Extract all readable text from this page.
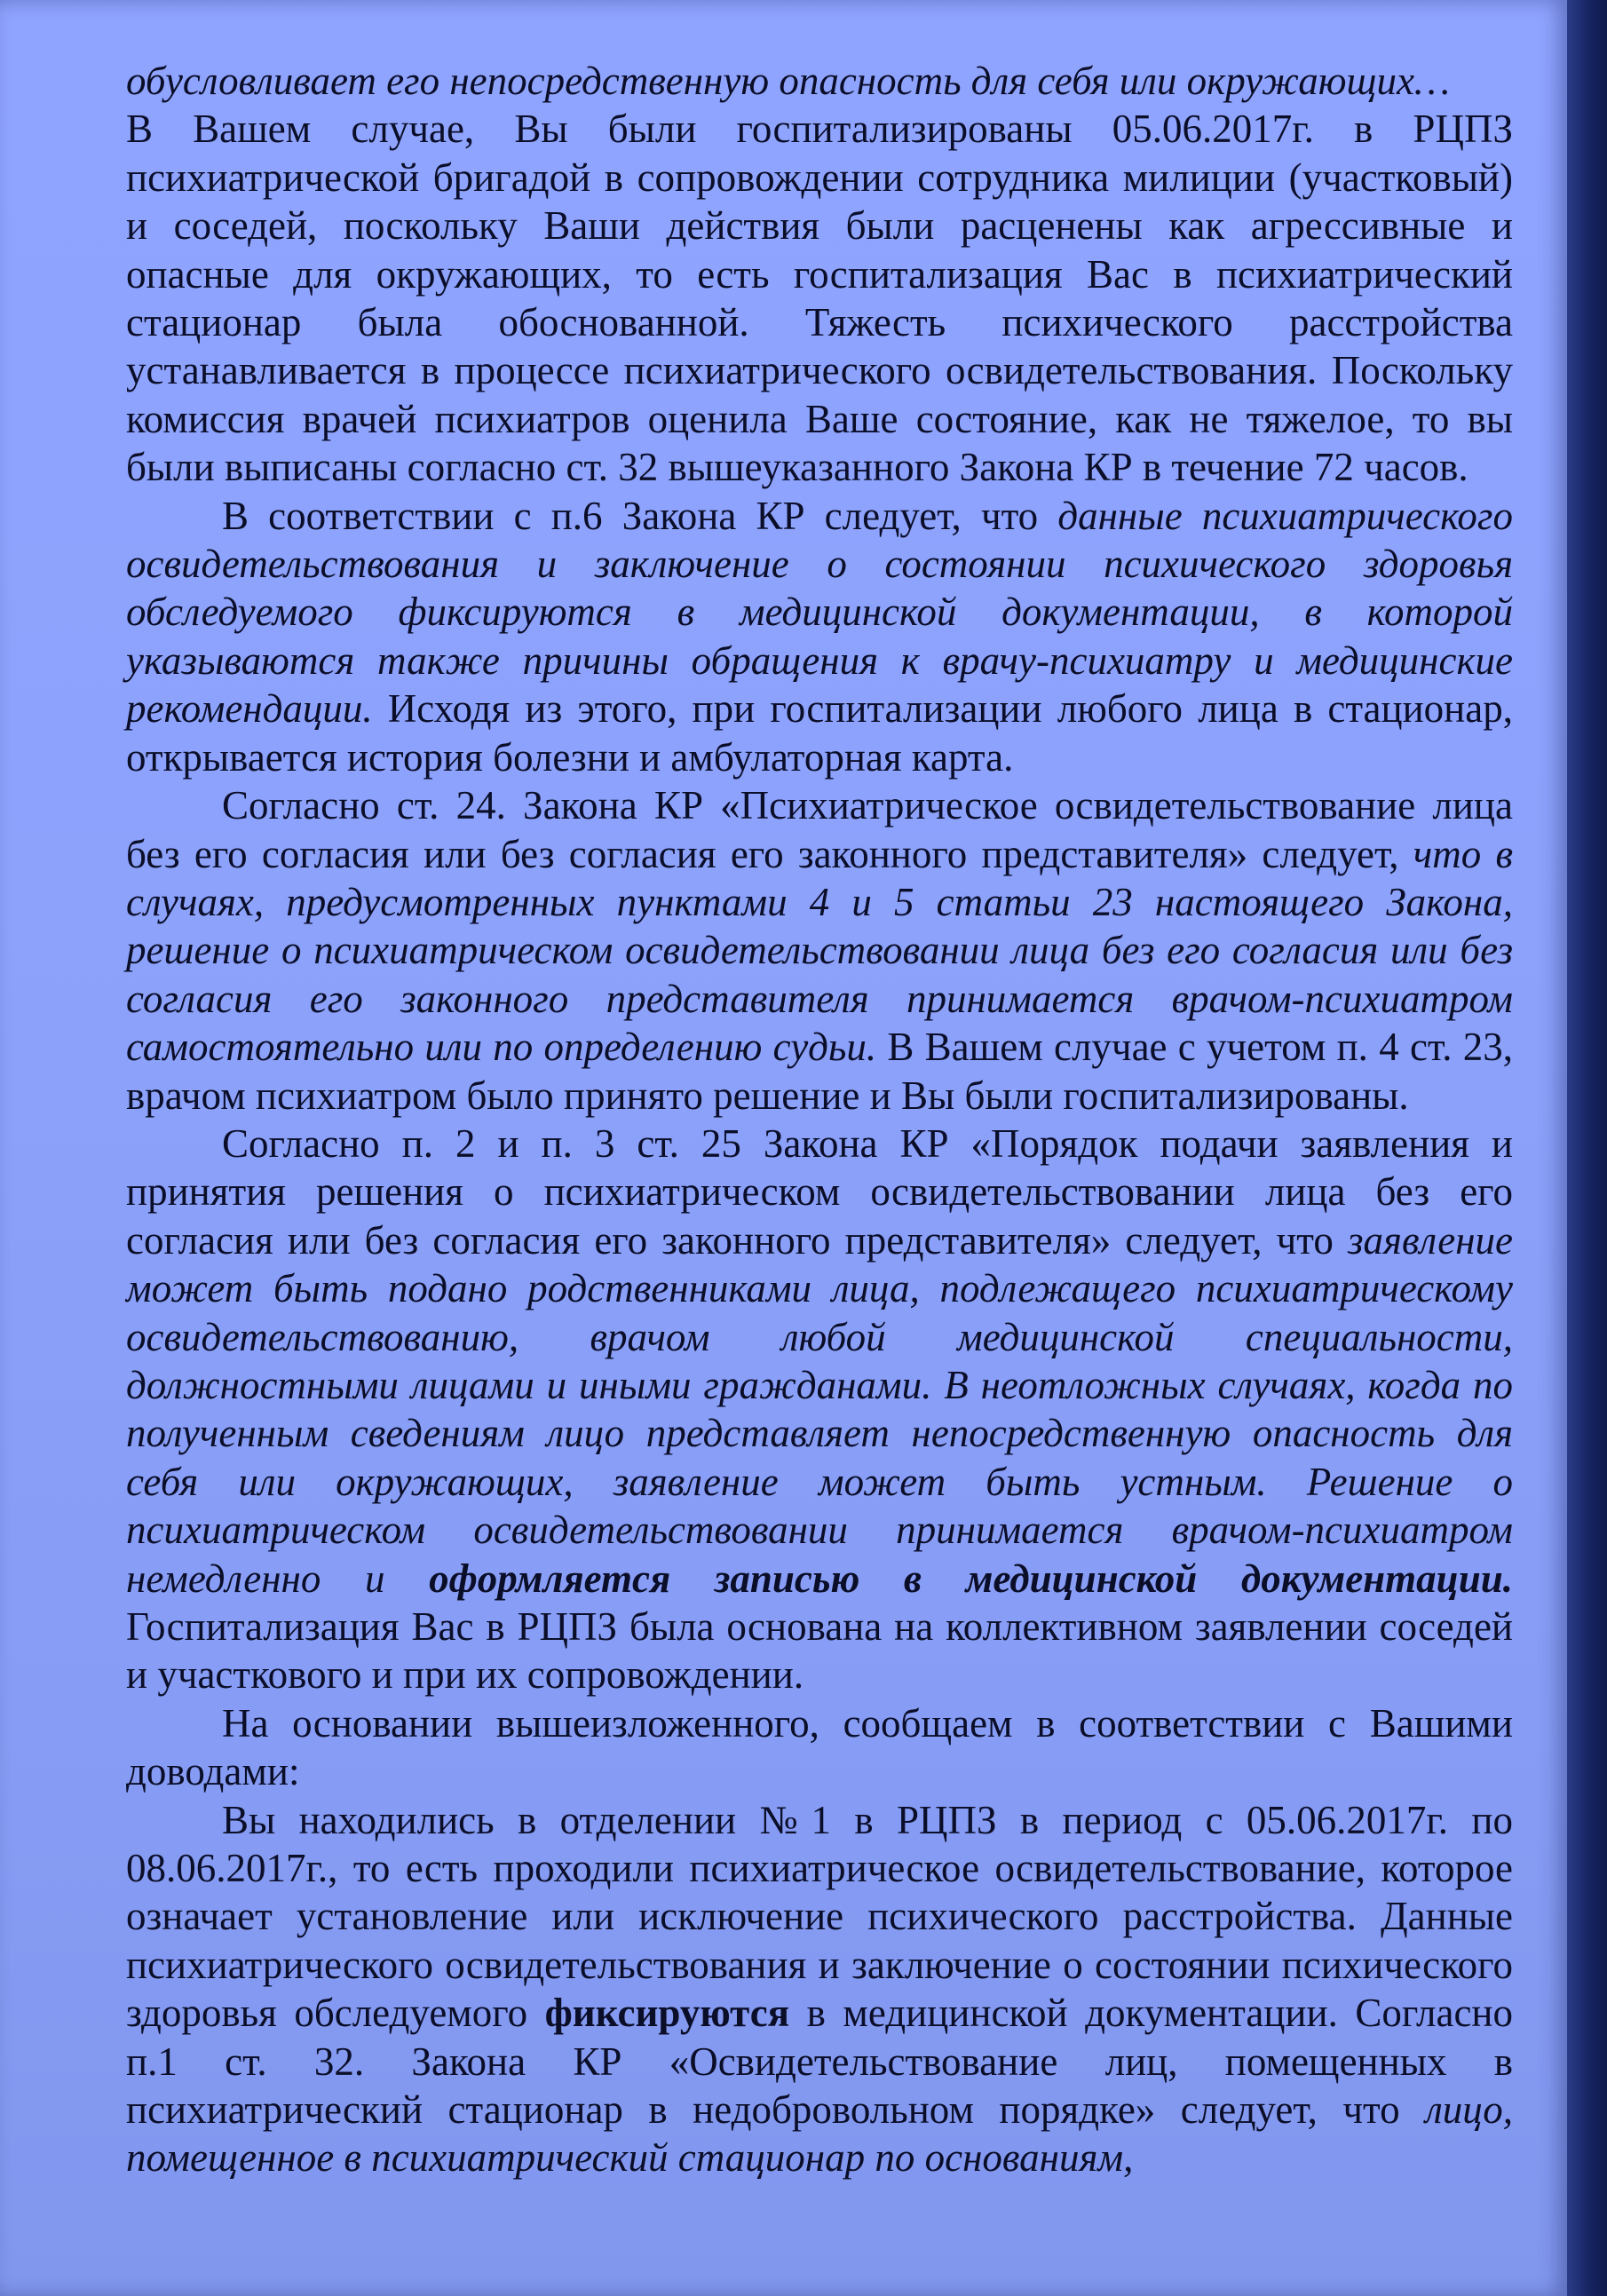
обусловливает его непосредственную опасность для себя или окружающих…

В Вашем случае, Вы были госпитализированы 05.06.2017г. в РЦПЗ психиатрической бригадой в сопровождении сотрудника милиции (участковый) и соседей, поскольку Ваши действия были расценены как агрессивные и опасные для окружающих, то есть госпитализация Вас в психиатрический стационар была обоснованной. Тяжесть психического расстройства устанавливается в процессе психиатрического освидетельствования. Поскольку комиссия врачей психиатров оценила Ваше состояние, как не тяжелое, то вы были выписаны согласно ст. 32 вышеуказанного Закона КР в течение 72 часов.

В соответствии с п.6 Закона КР следует, что данные психиатрического освидетельствования и заключение о состоянии психического здоровья обследуемого фиксируются в медицинской документации, в которой указываются также причины обращения к врачу-психиатру и медицинские рекомендации. Исходя из этого, при госпитализации любого лица в стационар, открывается история болезни и амбулаторная карта.

Согласно ст. 24. Закона КР «Психиатрическое освидетельствование лица без его согласия или без согласия его законного представителя» следует, что в случаях, предусмотренных пунктами 4 и 5 статьи 23 настоящего Закона, решение о психиатрическом освидетельствовании лица без его согласия или без согласия его законного представителя принимается врачом-психиатром самостоятельно или по определению судьи. В Вашем случае с учетом п. 4 ст. 23, врачом психиатром было принято решение и Вы были госпитализированы.

Согласно п. 2 и п. 3 ст. 25 Закона КР «Порядок подачи заявления и принятия решения о психиатрическом освидетельствовании лица без его согласия или без согласия его законного представителя» следует, что заявление может быть подано родственниками лица, подлежащего психиатрическому освидетельствованию, врачом любой медицинской специальности, должностными лицами и иными гражданами. В неотложных случаях, когда по полученным сведениям лицо представляет непосредственную опасность для себя или окружающих, заявление может быть устным. Решение о психиатрическом освидетельствовании принимается врачом-психиатром немедленно и оформляется записью в медицинской документации. Госпитализация Вас в РЦПЗ была основана на коллективном заявлении соседей и участкового и при их сопровождении.

На основании вышеизложенного, сообщаем в соответствии с Вашими доводами:

Вы находились в отделении №1 в РЦПЗ в период с 05.06.2017г. по 08.06.2017г., то есть проходили психиатрическое освидетельствование, которое означает установление или исключение психического расстройства. Данные психиатрического освидетельствования и заключение о состоянии психического здоровья обследуемого фиксируются в медицинской документации. Согласно п.1 ст. 32. Закона КР «Освидетельствование лиц, помещенных в психиатрический стационар в недобровольном порядке» следует, что лицо, помещенное в психиатрический стационар по основаниям,
